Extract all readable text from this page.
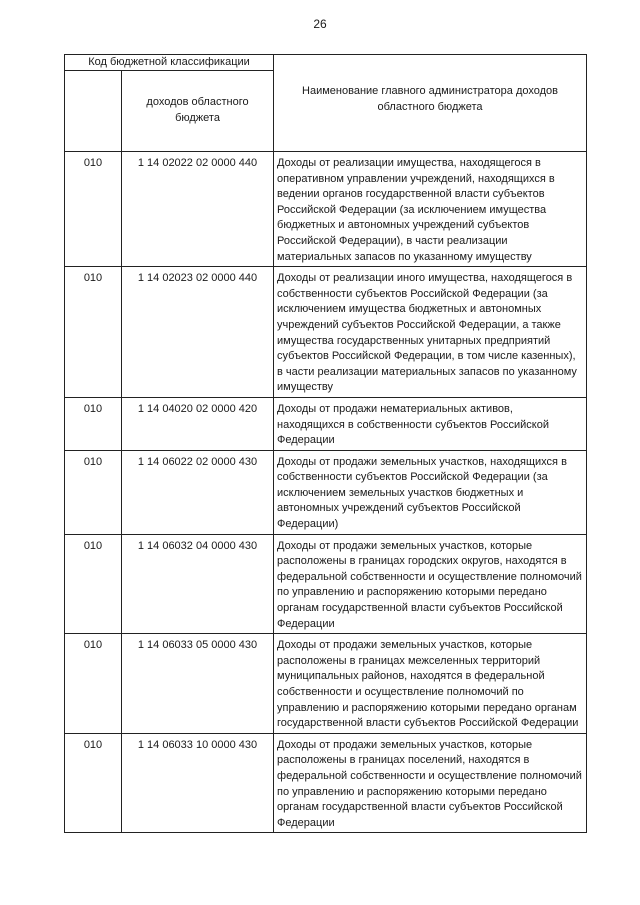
26
Код бюджетной классификации		Наименование главного администратора доходов областного бюджета

	доходов областного бюджета	

010	1 14 02022 02 0000 440	Доходы от реализации имущества, находящегося в оперативном управлении учреждений, находящихся в ведении органов государственной власти субъектов Российской Федерации (за исключением имущества бюджетных и автономных учреждений субъектов Российской Федерации), в части реализации материальных запасов по указанному имуществу
010	1 14 02023 02 0000 440	Доходы от реализации иного имущества, находящегося в собственности субъектов Российской Федерации (за исключением имущества бюджетных и автономных учреждений субъектов Российской Федерации, а также имущества государственных унитарных предприятий субъектов Российской Федерации, в том числе казенных), в части реализации материальных запасов по указанному имуществу
010	1 14 04020 02 0000 420	Доходы от продажи нематериальных активов, находящихся в собственности субъектов Российской Федерации
010	1 14 06022 02 0000 430	Доходы от продажи земельных участков, находящихся в собственности субъектов Российской Федерации (за исключением земельных участков бюджетных и автономных учреждений субъектов Российской Федерации)
010	1 14 06032 04 0000 430	Доходы от продажи земельных участков, которые расположены в границах городских округов, находятся в федеральной собственности и осуществление полномочий по управлению и распоряжению которыми передано органам государственной власти субъектов Российской Федерации
010	1 14 06033 05 0000 430	Доходы от продажи земельных участков, которые расположены в границах межселенных территорий муниципальных районов, находятся в федеральной собственности и осуществление полномочий по управлению и распоряжению которыми передано органам государственной власти субъектов Российской Федерации
010	1 14 06033 10 0000 430	Доходы от продажи земельных участков, которые расположены в границах поселений, находятся в федеральной собственности и осуществление полномочий по управлению и распоряжению которыми передано органам государственной власти субъектов Российской Федерации
